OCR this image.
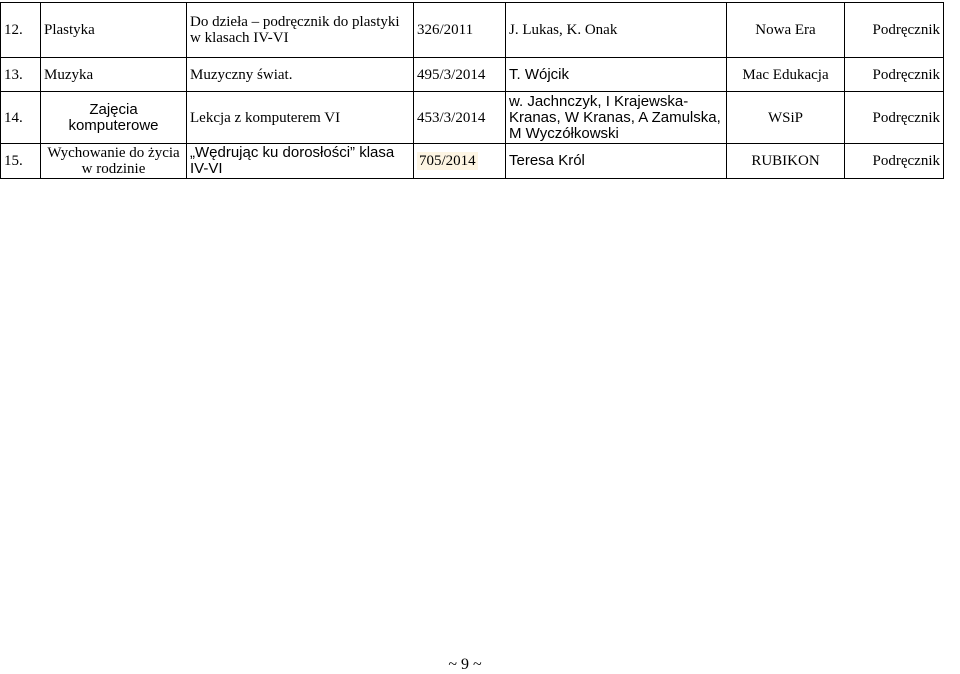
12.	Plastyka	Do dzieła – podręcznik do plastyki w klasach IV-VI	326/2011	J. Lukas, K. Onak	Nowa Era	Podręcznik
13.	Muzyka	Muzyczny świat.	495/3/2014	T. Wójcik	Mac Edukacja	Podręcznik
14.	Zajęcia komputerowe	Lekcja z komputerem VI	453/3/2014	w. Jachnczyk, I Krajewska-Kranas, W Kranas, A Zamulska, M Wyczółkowski	WSiP	Podręcznik
15.	Wychowanie do życia w rodzinie	„Wędrując ku dorosłości” klasa IV-VI	705/2014	Teresa Król	RUBIKON	Podręcznik
~ 9 ~
